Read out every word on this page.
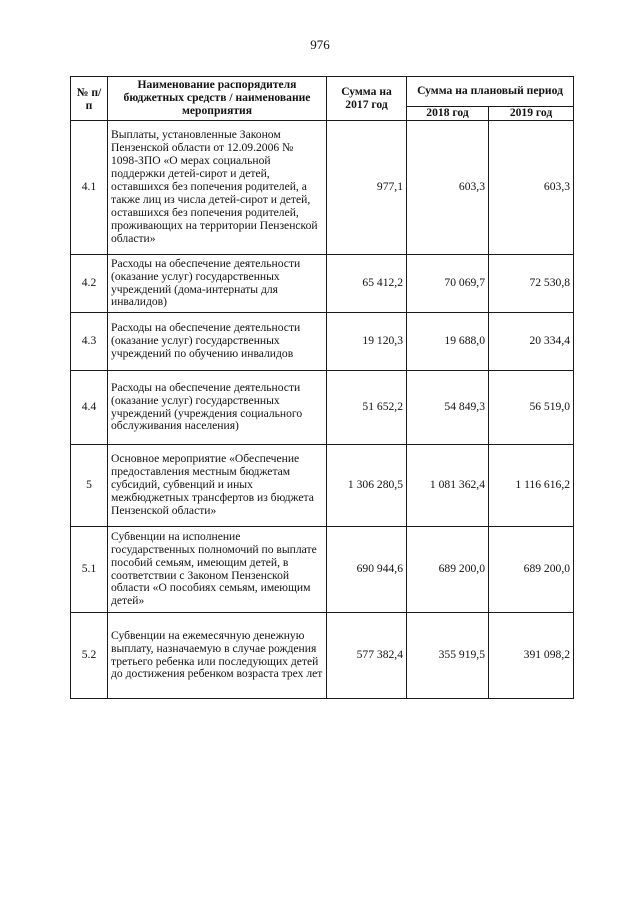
976
№ п/п	Наименование распорядителя бюджетных средств / наименование мероприятия	Сумма на 2017 год	Сумма на плановый период	
			2018 год	2019 год
4.1	Выплаты, установленные Законом Пензенской области от 12.09.2006 № 1098-ЗПО «О мерах социальной поддержки детей-сирот и детей, оставшихся без попечения родителей, а также лиц из числа детей-сирот и детей, оставшихся без попечения родителей, проживающих на территории Пензенской области»	977,1	603,3	603,3
4.2	Расходы на обеспечение деятельности (оказание услуг) государственных учреждений (дома-интернаты для инвалидов)	65 412,2	70 069,7	72 530,8
4.3	Расходы на обеспечение деятельности (оказание услуг) государственных учреждений по обучению инвалидов	19 120,3	19 688,0	20 334,4
4.4	Расходы на обеспечение деятельности (оказание услуг) государственных учреждений (учреждения социального обслуживания населения)	51 652,2	54 849,3	56 519,0
5	Основное мероприятие «Обеспечение предоставления местным бюджетам субсидий, субвенций и иных межбюджетных трансфертов из бюджета Пензенской области»	1 306 280,5	1 081 362,4	1 116 616,2
5.1	Субвенции на исполнение государственных полномочий по выплате пособий семьям, имеющим детей, в соответствии с Законом Пензенской области «О пособиях семьям, имеющим детей»	690 944,6	689 200,0	689 200,0
5.2	Субвенции на ежемесячную денежную выплату, назначаемую в случае рождения третьего ребенка или последующих детей до достижения ребенком возраста трех лет	577 382,4	355 919,5	391 098,2
